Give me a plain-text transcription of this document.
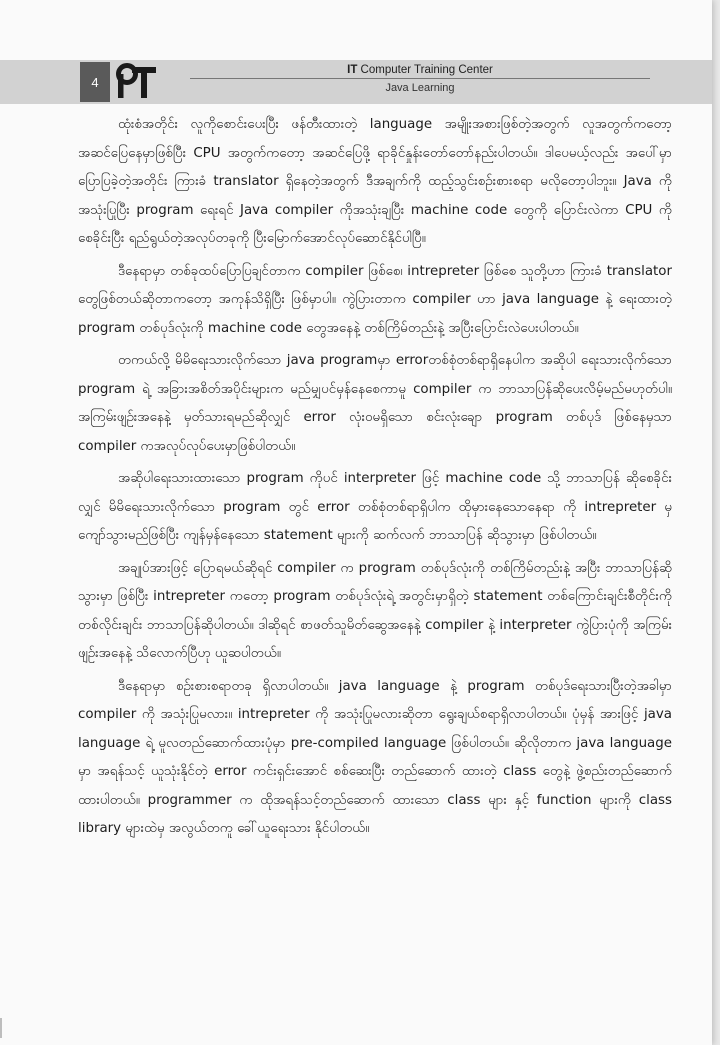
4
IT Computer Training Center
Java Learning

ထုံးစံအတိုင်း လူကိုစောင်းပေးပြီး ဖန်တီးထားတဲ့ language အမျိုးအစားဖြစ်တဲ့အတွက် လူအတွက်ကတော့ အဆင်ပြေနေမှာဖြစ်ပြီး CPU အတွက်ကတော့ အဆင်ပြေဖို့ ရာခိုင်နှုန်းတော်တော်နည်းပါတယ်။ ဒါပေမယ့်လည်း အပေါ်မှာပြောပြခဲ့တဲ့အတိုင်း ကြားခံ translator ရှိနေတဲ့အတွက် ဒီအချက်ကို ထည့်သွင်းစဉ်းစားစရာ မလိုတော့ပါဘူး။ Java ကိုအသုံးပြုပြီး program ရေးရင် Java compiler ကိုအသုံးချပြီး machine code တွေကို ပြောင်းလဲကာ CPU ကိုစေခိုင်းပြီး ရည်ရွယ်တဲ့အလုပ်တခုကို ပြီးမြောက်အောင်လုပ်ဆောင်နိုင်ပါပြီ။

ဒီနေရာမှာ တစ်ခုထပ်ပြောပြချင်တာက compiler ဖြစ်စေ၊ intrepreter ဖြစ်စေ သူတို့ဟာ ကြားခံ translator တွေဖြစ်တယ်ဆိုတာကတော့ အကုန်သိရှိပြီး ဖြစ်မှာပါ။ ကွဲပြားတာက compiler ဟာ java language နဲ့ ရေးထားတဲ့ program တစ်ပုဒ်လုံးကို machine code တွေအနေနဲ့ တစ်ကြိမ်တည်းနဲ့ အပြီးပြောင်းလဲပေးပါတယ်။

တကယ်လို့ မိမိရေးသားလိုက်သော java programမှာ errorတစ်စုံတစ်ရာရှိနေပါက အဆိုပါ ရေးသားလိုက်သော program ရဲ့ အခြားအစိတ်အပိုင်းများက မည်မျှပင်မှန်နေစေကာမူ compiler က ဘာသာပြန်ဆိုပေးလိမ့်မည်မဟုတ်ပါ။ အကြမ်းဖျဉ်းအနေနဲ့ မှတ်သားရမည်ဆိုလျှင် error လုံးဝမရှိသော စင်းလုံးချော program တစ်ပုဒ် ဖြစ်နေမှသာ compiler ကအလုပ်လုပ်ပေးမှာဖြစ်ပါတယ်။

အဆိုပါရေးသားထားသော program ကိုပင် interpreter ဖြင့် machine code သို့ ဘာသာပြန် ဆိုစေခိုင်းလျှင် မိမိရေးသားလိုက်သော program တွင် error တစ်စုံတစ်ရာရှိပါက ထိုမှားနေသောနေရာ ကို intrepreter မှ ကျော်သွားမည်ဖြစ်ပြီး ကျန်မှန်နေသော statement များကို ဆက်လက် ဘာသာပြန် ဆိုသွားမှာ ဖြစ်ပါတယ်။

အချုပ်အားဖြင့် ပြောရမယ်ဆိုရင် compiler က program တစ်ပုဒ်လုံးကို တစ်ကြိမ်တည်းနဲ့ အပြီး ဘာသာပြန်ဆိုသွားမှာ ဖြစ်ပြီး intrepreter ကတော့ program တစ်ပုဒ်လုံးရဲ့ အတွင်းမှာရှိတဲ့ statement တစ်ကြောင်းချင်းစီတိုင်းကို တစ်လိုင်းချင်း ဘာသာပြန်ဆိုပါတယ်။ ဒါဆိုရင် စာဖတ်သူမိတ်ဆွေအနေနဲ့ compiler နဲ့ interpreter ကွဲပြားပုံကို အကြမ်းဖျဉ်းအနေနဲ့ သိလောက်ပြီဟု ယူဆပါတယ်။

ဒီနေရာမှာ စဉ်းစားစရာတခု ရှိလာပါတယ်။ java language နဲ့ program တစ်ပုဒ်ရေးသားပြီးတဲ့အခါမှာ compiler ကို အသုံးပြုမလား။ intrepreter ကို အသုံးပြုမလားဆိုတာ ရွေးချယ်စရာရှိလာပါတယ်။ ပုံမှန် အားဖြင့် java language ရဲ့ မူလတည်ဆောက်ထားပုံမှာ pre-compiled language ဖြစ်ပါတယ်။ ဆိုလိုတာက java language မှာ အရန်သင့် ယူသုံးနိုင်တဲ့ error ကင်းရှင်းအောင် စစ်ဆေးပြီး တည်ဆောက် ထားတဲ့ class တွေနဲ့ ဖွဲ့စည်းတည်ဆောက်ထားပါတယ်။ programmer က ထိုအရန်သင့်တည်ဆောက် ထားသော class များ နှင့် function များကို class library များထဲမှ အလွယ်တကူ ခေါ်ယူရေးသား နိုင်ပါတယ်။
